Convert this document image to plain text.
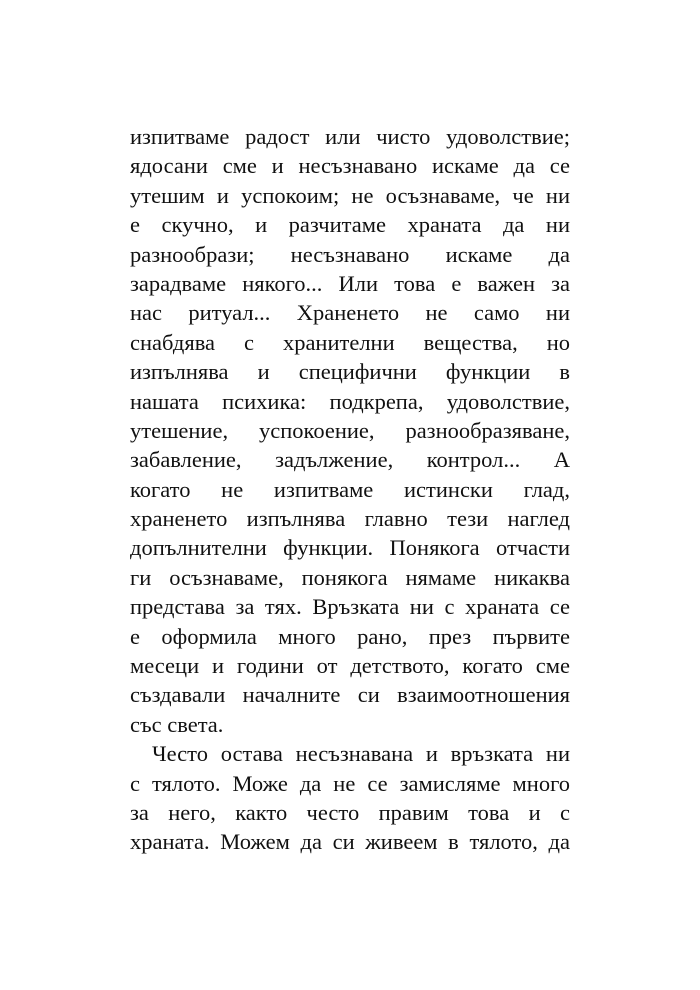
изпитваме радост или чисто удоволствие;
ядосани сме и несъзнавано искаме да се
утешим и успокоим; не осъзнаваме, че ни
е скучно, и разчитаме храната да ни
разнообрази; несъзнавано искаме да
зарадваме някого... Или това е важен за
нас ритуал... Храненето не само ни
снабдява с хранителни вещества, но
изпълнява и специфични функции в
нашата психика: подкрепа, удоволствие,
утешение, успокоение, разнообразяване,
забавление, задължение, контрол... А
когато не изпитваме истински глад,
храненето изпълнява главно тези наглед
допълнителни функции. Понякога отчасти
ги осъзнаваме, понякога нямаме никаква
представа за тях. Връзката ни с храната се
е оформила много рано, през първите
месеци и години от детството, когато сме
създавали началните си взаимоотношения
със света.
Често остава несъзнавана и връзката ни
с тялото. Може да не се замисляме много
за него, както често правим това и с
храната. Можем да си живеем в тялото, да
